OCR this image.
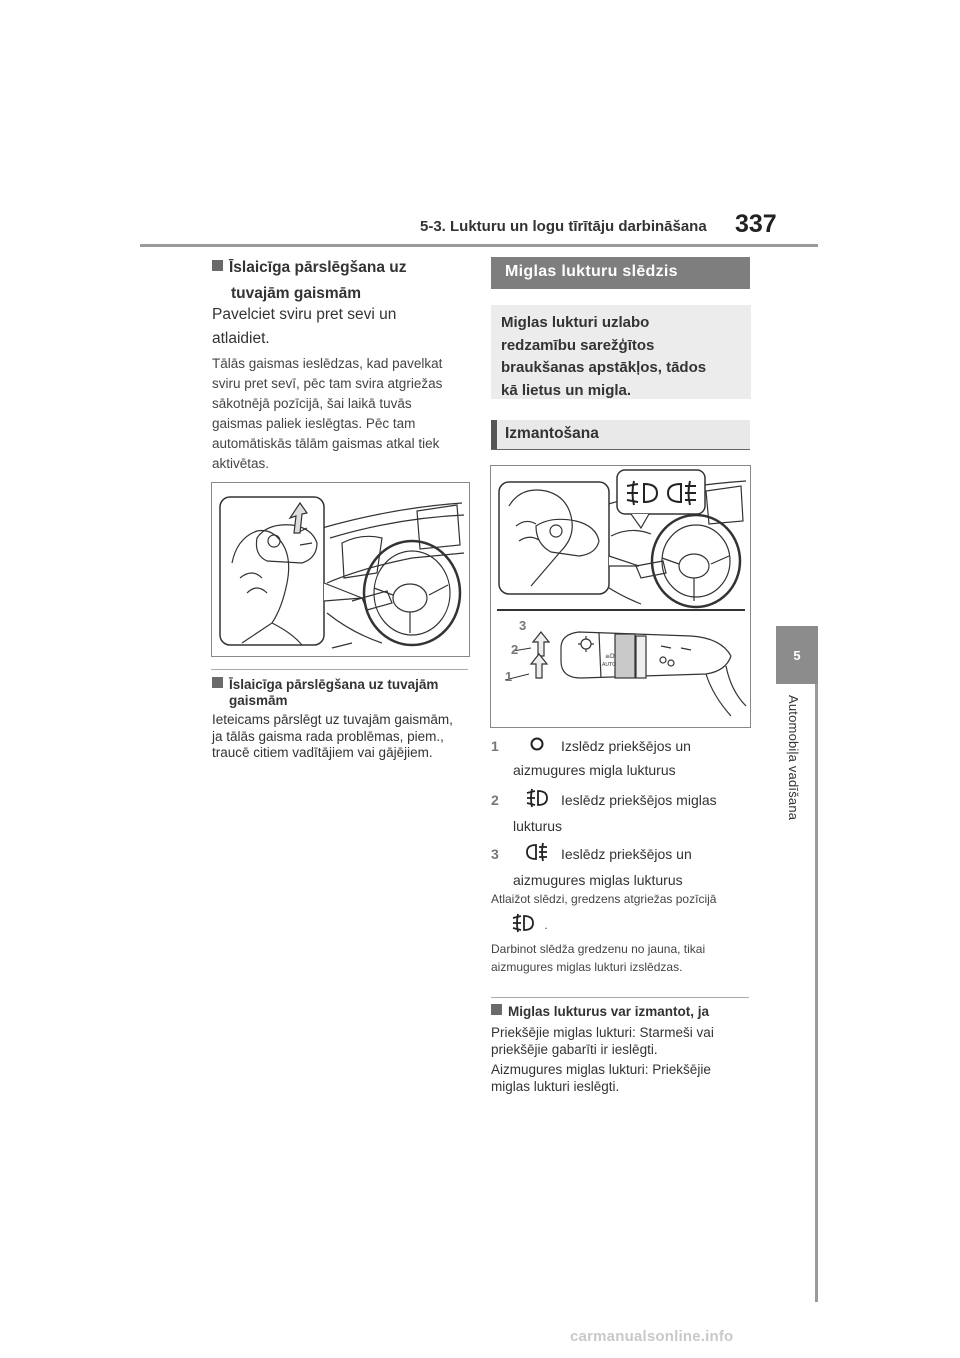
5-3. Lukturu un logu tīrītāju darbināšana 337
5
Automobiļa vadīšana
Īslaicīga pārslēgšana uz
tuvajām gaismām
Pavelciet sviru pret sevi un
atlaidiet.
Tālās gaismas ieslēdzas, kad pavelkat
sviru pret sevī, pēc tam svira atgriežas
sākotnējā pozīcijā, šai laikā tuvās
gaismas paliek ieslēgtas. Pēc tam
automātiskās tālām gaismas atkal tiek
aktivētas.
Īslaicīga pārslēgšana uz tuvajām
gaismām
Ieteicams pārslēgt uz tuvajām gaismām,
ja tālās gaisma rada problēmas, piem.,
traucē citiem vadītājiem vai gājējiem.
Miglas lukturu slēdzis
Miglas lukturi uzlabo
redzamību sarežģītos
braukšanas apstākļos, tādos
kā lietus un migla.
Izmantošana
≡D
AUTO
3
2
1
1	Izslēdz priekšējos un
aizmugures migla lukturus
2	Ieslēdz priekšējos miglas
lukturus
3	Ieslēdz priekšējos un
aizmugures miglas lukturus
Atlaižot slēdzi, gredzens atgriežas pozīcijā
.
Darbinot slēdža gredzenu no jauna, tikai
aizmugures miglas lukturi izslēdzas.
Miglas lukturus var izmantot, ja
Priekšējie miglas lukturi: Starmeši vai
priekšējie gabarīti ir ieslēgti.
Aizmugures miglas lukturi: Priekšējie
miglas lukturi ieslēgti.
carmanualsonline.info
